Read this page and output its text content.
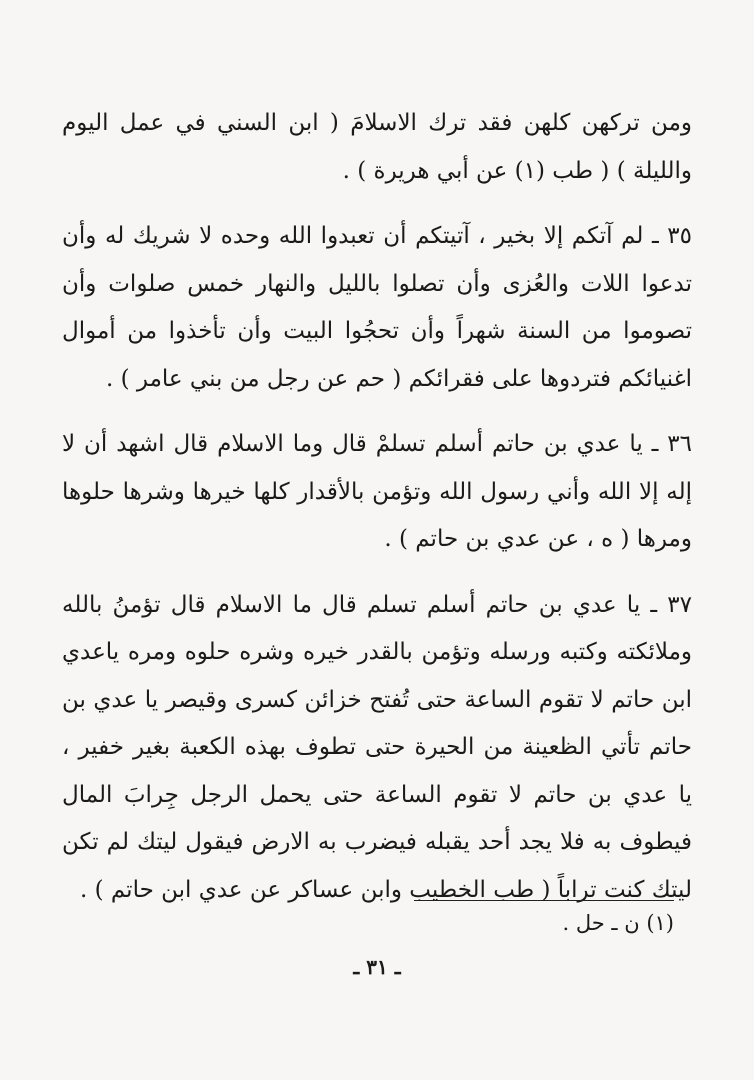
ومن تركهن كلهن فقد ترك الاسلامَ ( ابن السني في عمل اليوم والليلة ) ( طب (١) عن أبي هريرة ) .

٣٥ ـ لم آتكم إلا بخير ، آتيتكم أن تعبدوا الله وحده لا شريك له وأن تدعوا اللات والعُزى وأن تصلوا بالليل والنهار خمس صلوات وأن تصوموا من السنة شهراً وأن تحجُوا البيت وأن تأخذوا من أموال اغنيائكم فتردوها على فقرائكم ( حم عن رجل من بني عامر ) .

٣٦ ـ يا عدي بن حاتم أسلم تسلمْ قال وما الاسلام قال اشهد أن لا إله إلا الله وأني رسول الله وتؤمن بالأقدار كلها خيرها وشرها حلوها ومرها ( ه ، عن عدي بن حاتم ) .

٣٧ ـ يا عدي بن حاتم أسلم تسلم قال ما الاسلام قال تؤمنُ بالله وملائكته وكتبه ورسله وتؤمن بالقدر خيره وشره حلوه ومره ياعدي ابن حاتم لا تقوم الساعة حتى تُفتح خزائن كسرى وقيصر يا عدي بن حاتم تأتي الظعينة من الحيرة حتى تطوف بهذه الكعبة بغير خفير ، يا عدي بن حاتم لا تقوم الساعة حتى يحمل الرجل جِرابَ المال فيطوف به فلا يجد أحد يقبله فيضرب به الارض فيقول ليتك لم تكن ليتك كنت تراباً ( طب الخطيب وابن عساكر عن عدي ابن حاتم ) .

(١) ن ـ حل .
ـ ٣١ ـ
